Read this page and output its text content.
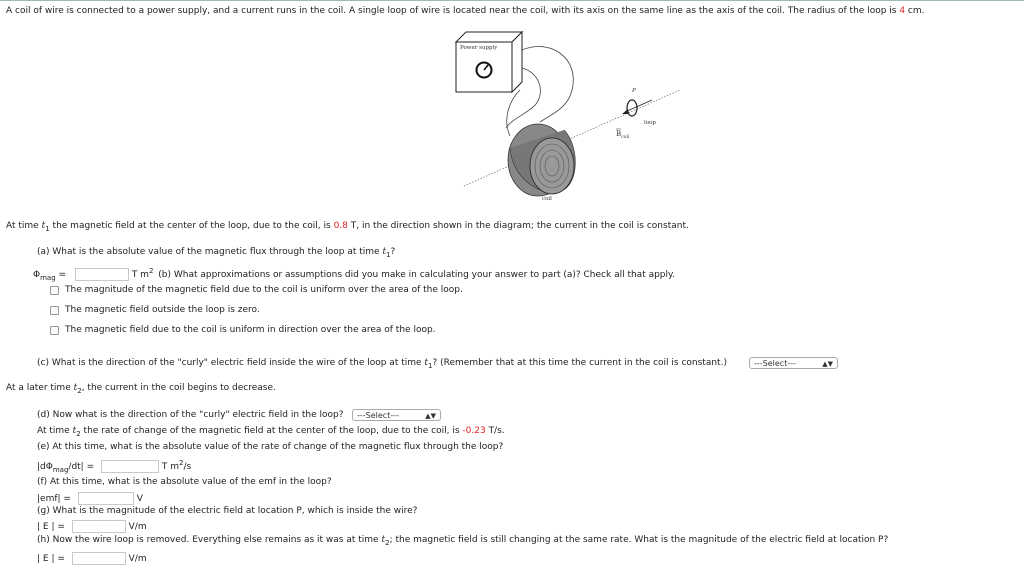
A coil of wire is connected to a power supply, and a current runs in the coil. A single loop of wire is located near the coil, with its axis on the same line as the axis of the coil. The radius of the loop is 4 cm.
Power supply
coil
P
loop
$B_{coil}$
At time $t_1$ the magnetic field at the center of the loop, due to the coil, is 0.8 T, in the direction shown in the diagram; the current in the coil is constant.
(a) What is the absolute value of the magnetic flux through the loop at time $t_1$?
$\Phi_{mag}$ =	T $m^2$ (b) What approximations or assumptions did you make in calculating your answer to part (a)? Check all that apply.
The magnitude of the magnetic field due to the coil is uniform over the area of the loop.
The magnetic field outside the loop is zero.
The magnetic field due to the coil is uniform in direction over the area of the loop.
(c) What is the direction of the "curly" electric field inside the wire of the loop at time $t_1$? (Remember that at this time the current in the coil is constant.)	---Select---	▲▼
At a later time $t_2$, the current in the coil begins to decrease.
(d) Now what is the direction of the "curly" electric field in the loop?	---Select---	▲▼
At time $t_2$ the rate of change of the magnetic field at the center of the loop, due to the coil, is -0.23 T/s.
(e) At this time, what is the absolute value of the rate of change of the magnetic flux through the loop?
$|d\Phi_{mag}/dt|$ =	T $m^2/s$
(f) At this time, what is the absolute value of the emf in the loop?
|emf| =	V
(g) What is the magnitude of the electric field at location P, which is inside the wire?
| E | =	V/m
(h) Now the wire loop is removed. Everything else remains as it was at time $t_2$; the magnetic field is still changing at the same rate. What is the magnitude of the electric field at location P?
| E | =	V/m
